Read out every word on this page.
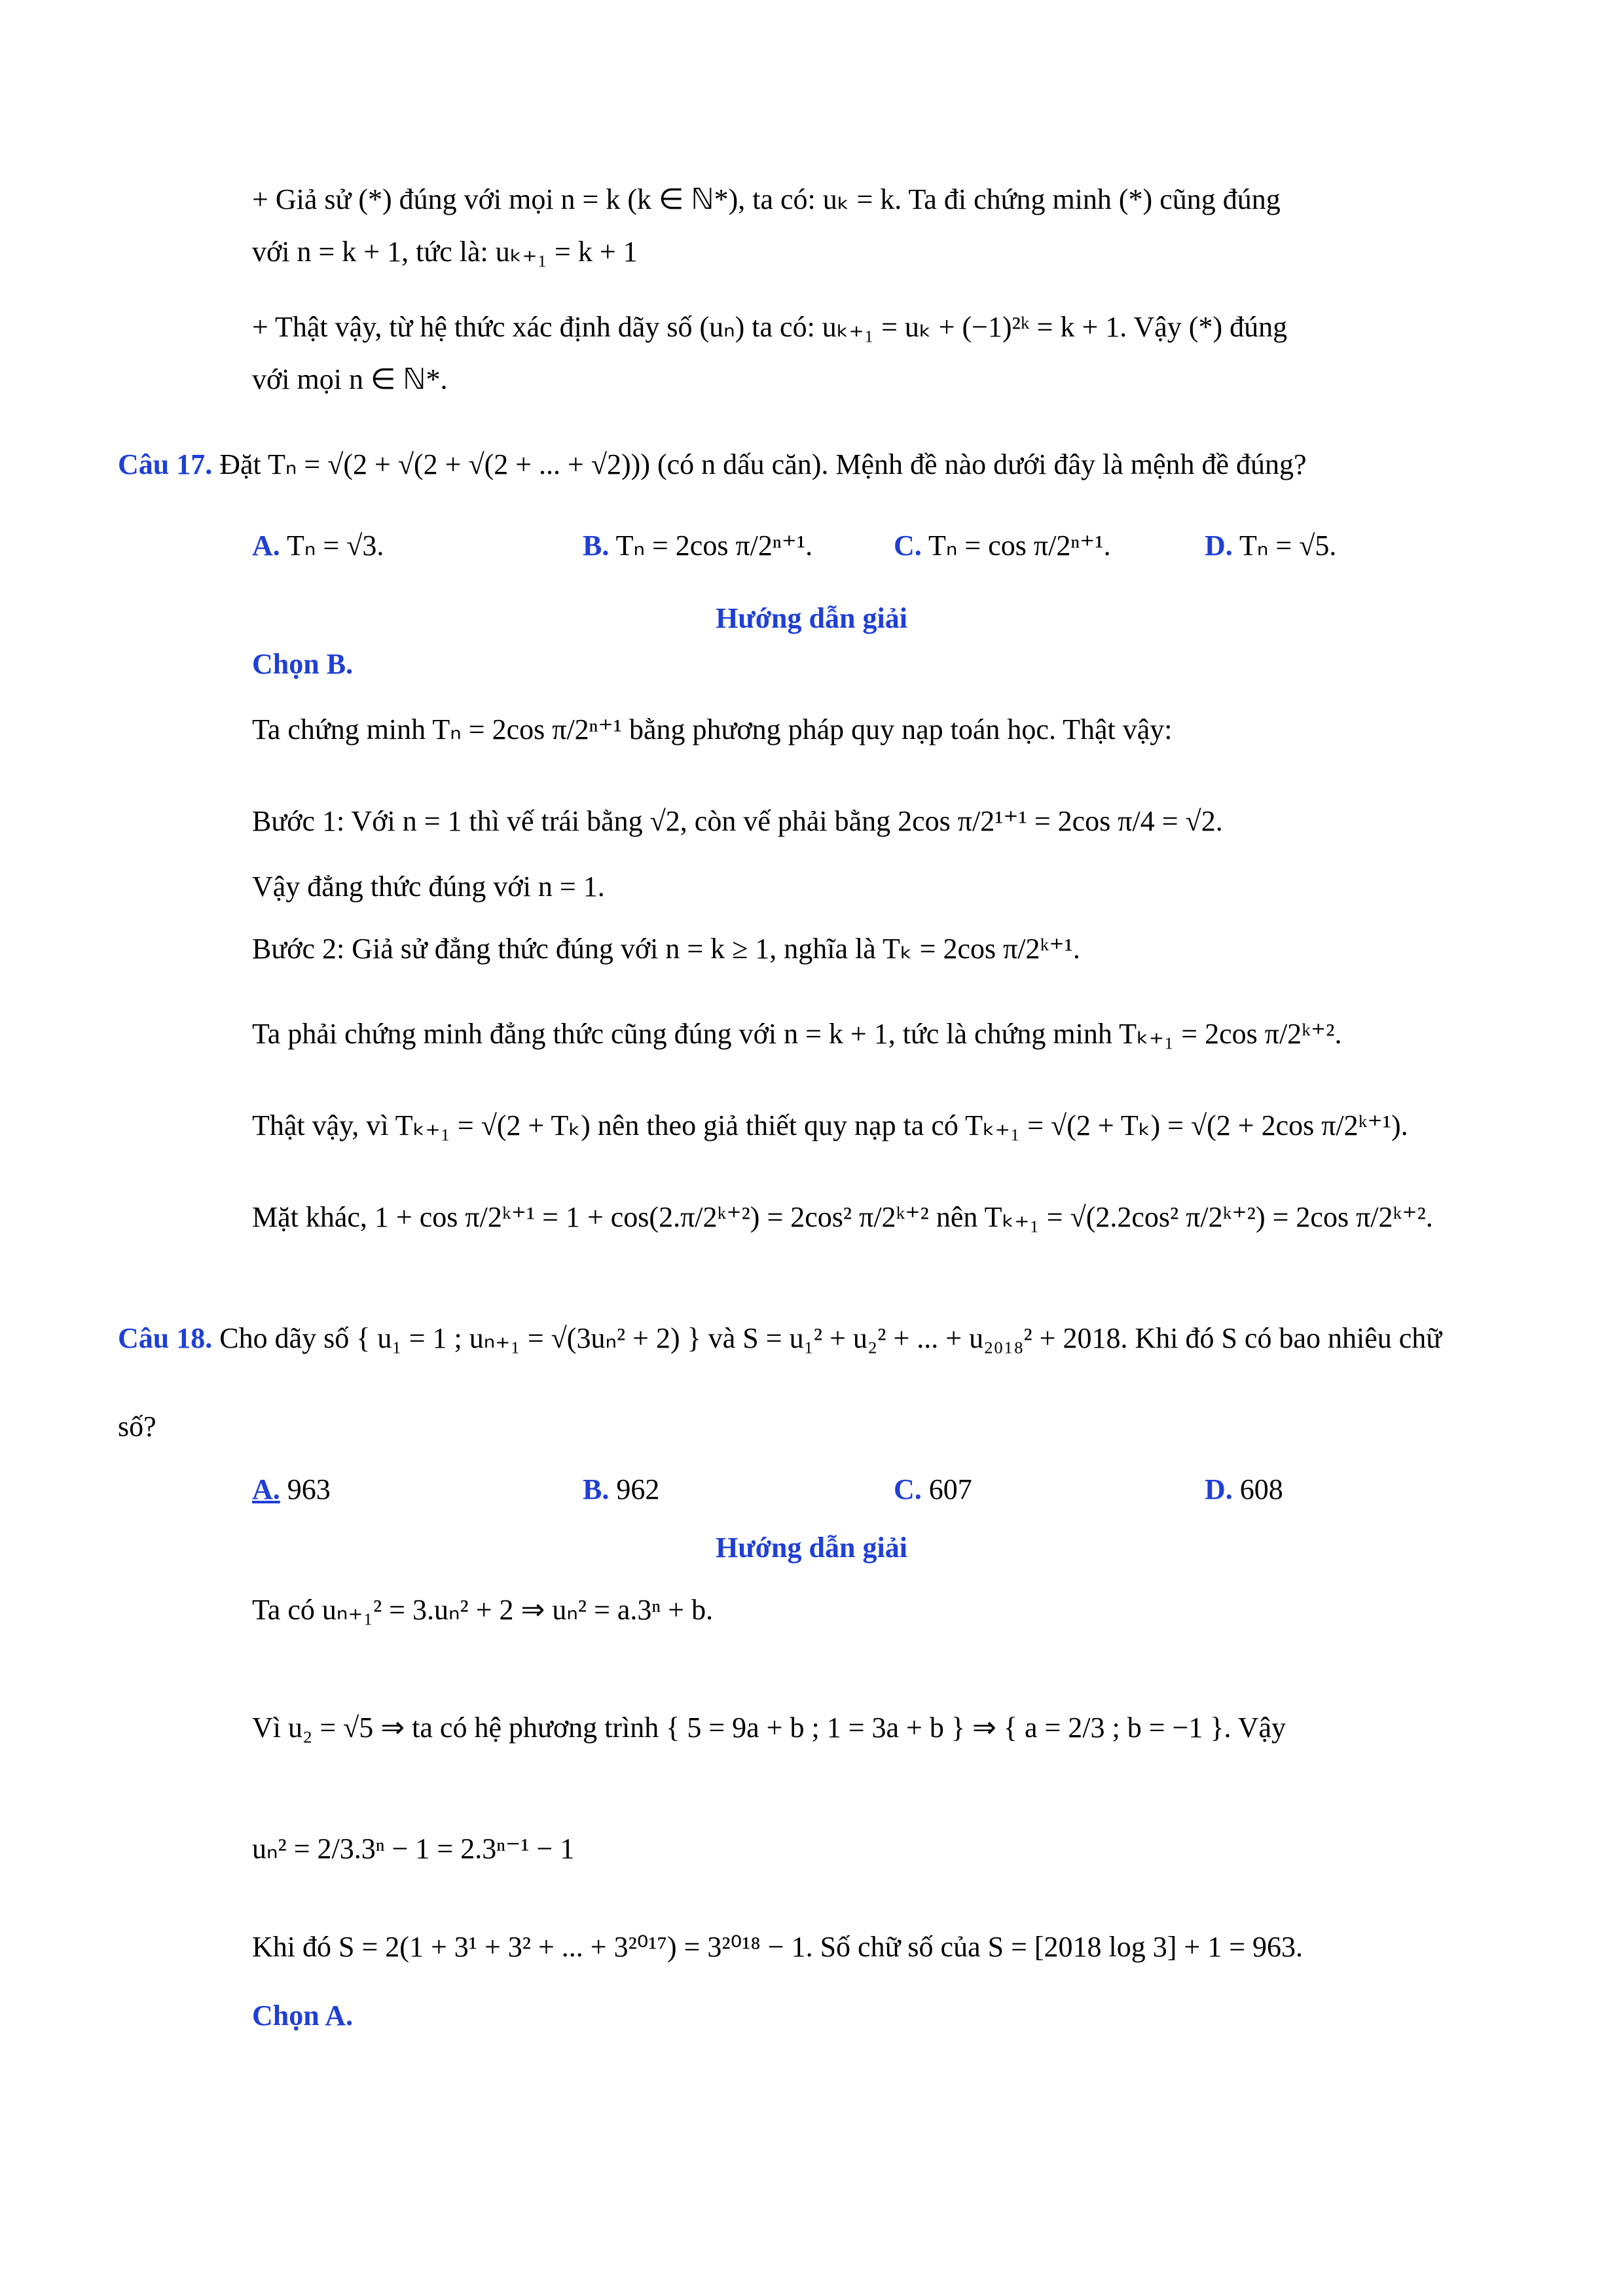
+ Giả sử (*) đúng với mọi n = k (k ∈ ℕ*), ta có: uₖ = k. Ta đi chứng minh (*) cũng đúng
với n = k + 1, tức là: uₖ₊₁ = k + 1
+ Thật vậy, từ hệ thức xác định dãy số (uₙ) ta có: uₖ₊₁ = uₖ + (−1)²ᵏ = k + 1. Vậy (*) đúng
với mọi n ∈ ℕ*.
Câu 17. Đặt Tₙ = √(2 + √(2 + √(2 + ... + √2))) (có n dấu căn). Mệnh đề nào dưới đây là mệnh đề đúng?
A. Tₙ = √3.	B. Tₙ = 2cos π/2ⁿ⁺¹.	C. Tₙ = cos π/2ⁿ⁺¹.	D. Tₙ = √5.
Hướng dẫn giải
Chọn B.
Ta chứng minh Tₙ = 2cos π/2ⁿ⁺¹ bằng phương pháp quy nạp toán học. Thật vậy:
Bước 1: Với n = 1 thì vế trái bằng √2, còn vế phải bằng 2cos π/2¹⁺¹ = 2cos π/4 = √2.
Vậy đẳng thức đúng với n = 1.
Bước 2: Giả sử đẳng thức đúng với n = k ≥ 1, nghĩa là Tₖ = 2cos π/2ᵏ⁺¹.
Ta phải chứng minh đẳng thức cũng đúng với n = k + 1, tức là chứng minh Tₖ₊₁ = 2cos π/2ᵏ⁺².
Thật vậy, vì Tₖ₊₁ = √(2 + Tₖ) nên theo giả thiết quy nạp ta có Tₖ₊₁ = √(2 + Tₖ) = √(2 + 2cos π/2ᵏ⁺¹).
Mặt khác, 1 + cos π/2ᵏ⁺¹ = 1 + cos(2.π/2ᵏ⁺²) = 2cos² π/2ᵏ⁺² nên Tₖ₊₁ = √(2.2cos² π/2ᵏ⁺²) = 2cos π/2ᵏ⁺².
Câu 18. Cho dãy số { u₁ = 1 ; uₙ₊₁ = √(3uₙ² + 2) } và S = u₁² + u₂² + ... + u₂₀₁₈² + 2018. Khi đó S có bao nhiêu chữ
số?
A. 963	B. 962	C. 607	D. 608
Hướng dẫn giải
Ta có uₙ₊₁² = 3.uₙ² + 2 ⇒ uₙ² = a.3ⁿ + b.
Vì u₂ = √5 ⇒ ta có hệ phương trình { 5 = 9a + b ; 1 = 3a + b } ⇒ { a = 2/3 ; b = −1 }. Vậy
uₙ² = 2/3.3ⁿ − 1 = 2.3ⁿ⁻¹ − 1
Khi đó S = 2(1 + 3¹ + 3² + ... + 3²⁰¹⁷) = 3²⁰¹⁸ − 1. Số chữ số của S = [2018 log 3] + 1 = 963.
Chọn A.
